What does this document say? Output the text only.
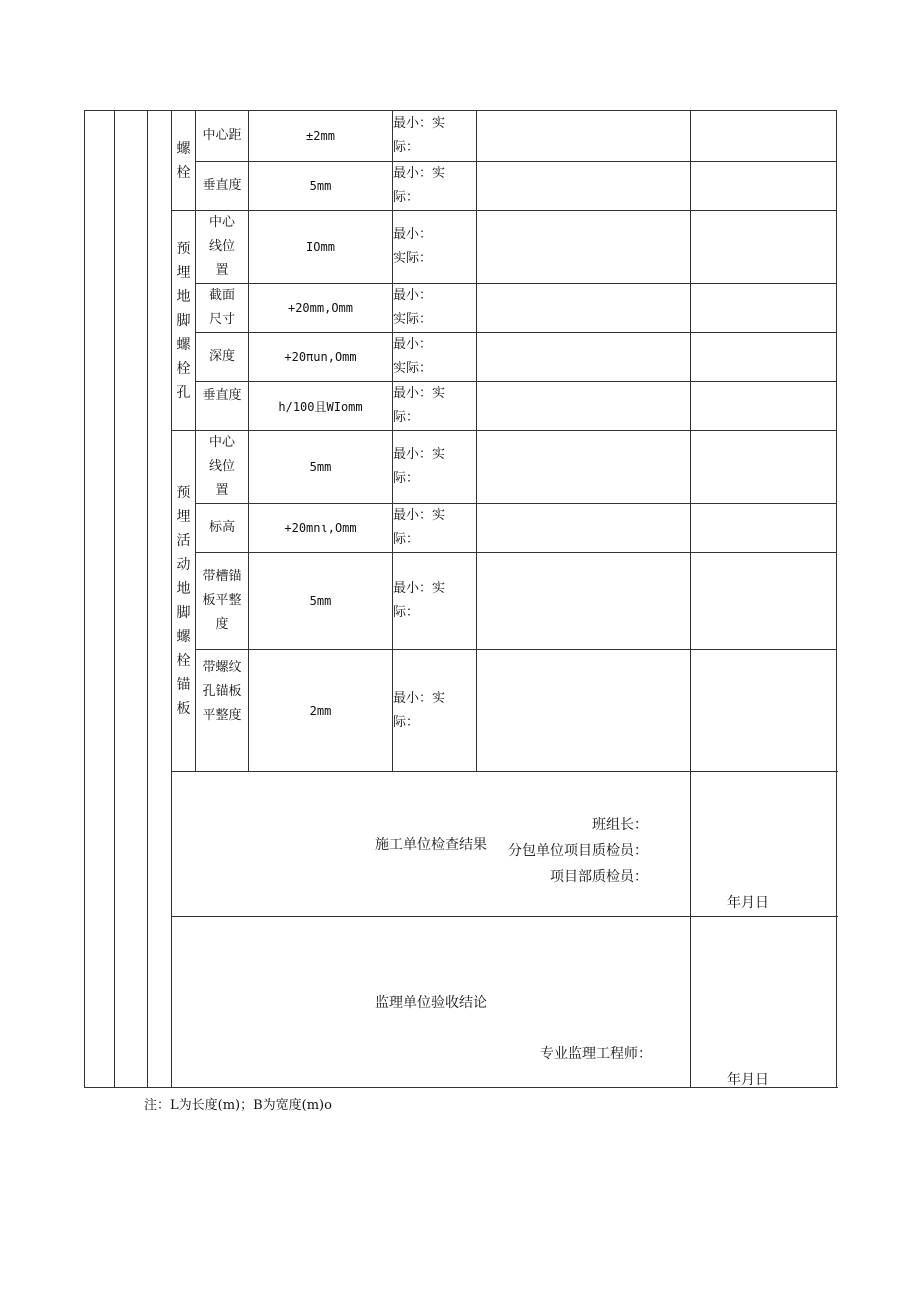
			螺栓	中心距	±2mm	最小：实
际：		

				垂直度	5mm	最小：实
际：		

			预埋地脚螺栓孔	中心线位置	IOmm	最小：
实际：		

				截面尺寸	+20mm,Omm	最小：
实际：		

				深度	+20πun,Omm	最小：
实际：		

				垂直度	h/100且WIomm	最小：实
际：		

			预埋活动地脚螺栓锚板	中心线位置	5mm	最小：实
际：		

				标高	+20mnι,Omm	最小：实
际：		

				带槽锚板平整度	5mm	最小：实
际：		

				带螺纹孔锚板平整度	2mm	最小：实
际：		

			施工单位检查结果					班组长：
分包单位项目质检员：
项目部质检员：
年月日

			监理单位验收结论					专业监理工程师：
年月日
注：L为长度(m)；B为宽度(m)o
